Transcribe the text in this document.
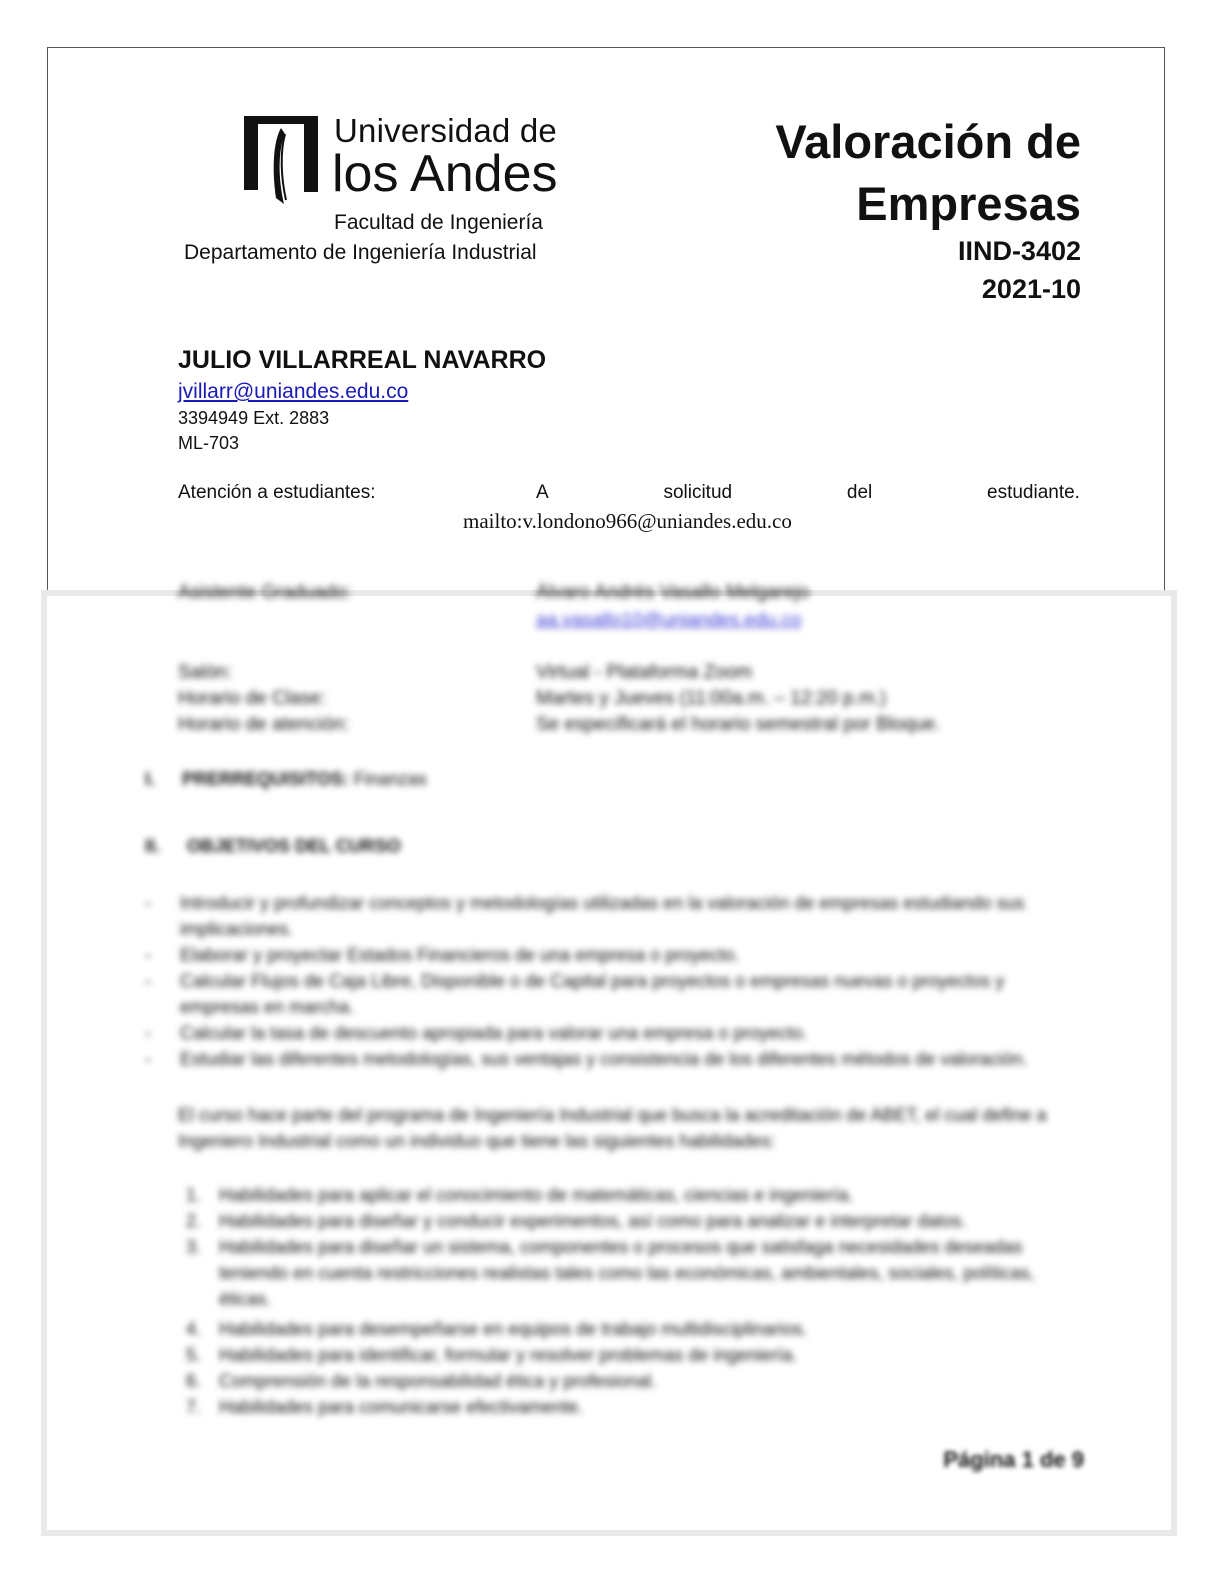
Universidad de
los Andes
Facultad de Ingeniería
Departamento de Ingeniería Industrial
Valoración de
Empresas
IIND-3402
2021-10
JULIO VILLARREAL NAVARRO
jvillarr@uniandes.edu.co
3394949 Ext. 2883
ML-703
Atención a estudiantes:	A	solicitud	del	estudiante.
mailto:v.londono966@uniandes.edu.co
Asistente Graduado:	Álvaro Andrés Vasallo Melgarejo
aa.vasallo10@uniandes.edu.co
Salón:	Virtual - Plataforma Zoom
Horario de Clase:	Martes y Jueves (11:00a.m. – 12:20 p.m.)
Horario de atención:	Se especificará el horario semestral por Bloque.
I. PRERREQUISITOS: Finanzas
II. OBJETIVOS DEL CURSO
- Introducir y profundizar conceptos y metodologías utilizadas en la valoración de empresas estudiando sus implicaciones.
- Elaborar y proyectar Estados Financieros de una empresa o proyecto.
- Calcular Flujos de Caja Libre, Disponible o de Capital para proyectos o empresas nuevas o proyectos y empresas en marcha.
- Calcular la tasa de descuento apropiada para valorar una empresa o proyecto.
- Estudiar las diferentes metodologías, sus ventajas y consistencia de los diferentes métodos de valoración.
El curso hace parte del programa de Ingeniería Industrial que busca la acreditación de ABET, el cual define a Ingeniero Industrial como un individuo que tiene las siguientes habilidades:
1. Habilidades para aplicar el conocimiento de matemáticas, ciencias e ingeniería.
2. Habilidades para diseñar y conducir experimentos, así como para analizar e interpretar datos.
3. Habilidades para diseñar un sistema, componentes o procesos que satisfaga necesidades deseadas teniendo en cuenta restricciones realistas tales como las económicas, ambientales, sociales, políticas, éticas.
4. Habilidades para desempeñarse en equipos de trabajo multidisciplinarios.
5. Habilidades para identificar, formular y resolver problemas de ingeniería.
6. Comprensión de la responsabilidad ética y profesional.
7. Habilidades para comunicarse efectivamente.
Página 1 de 9
